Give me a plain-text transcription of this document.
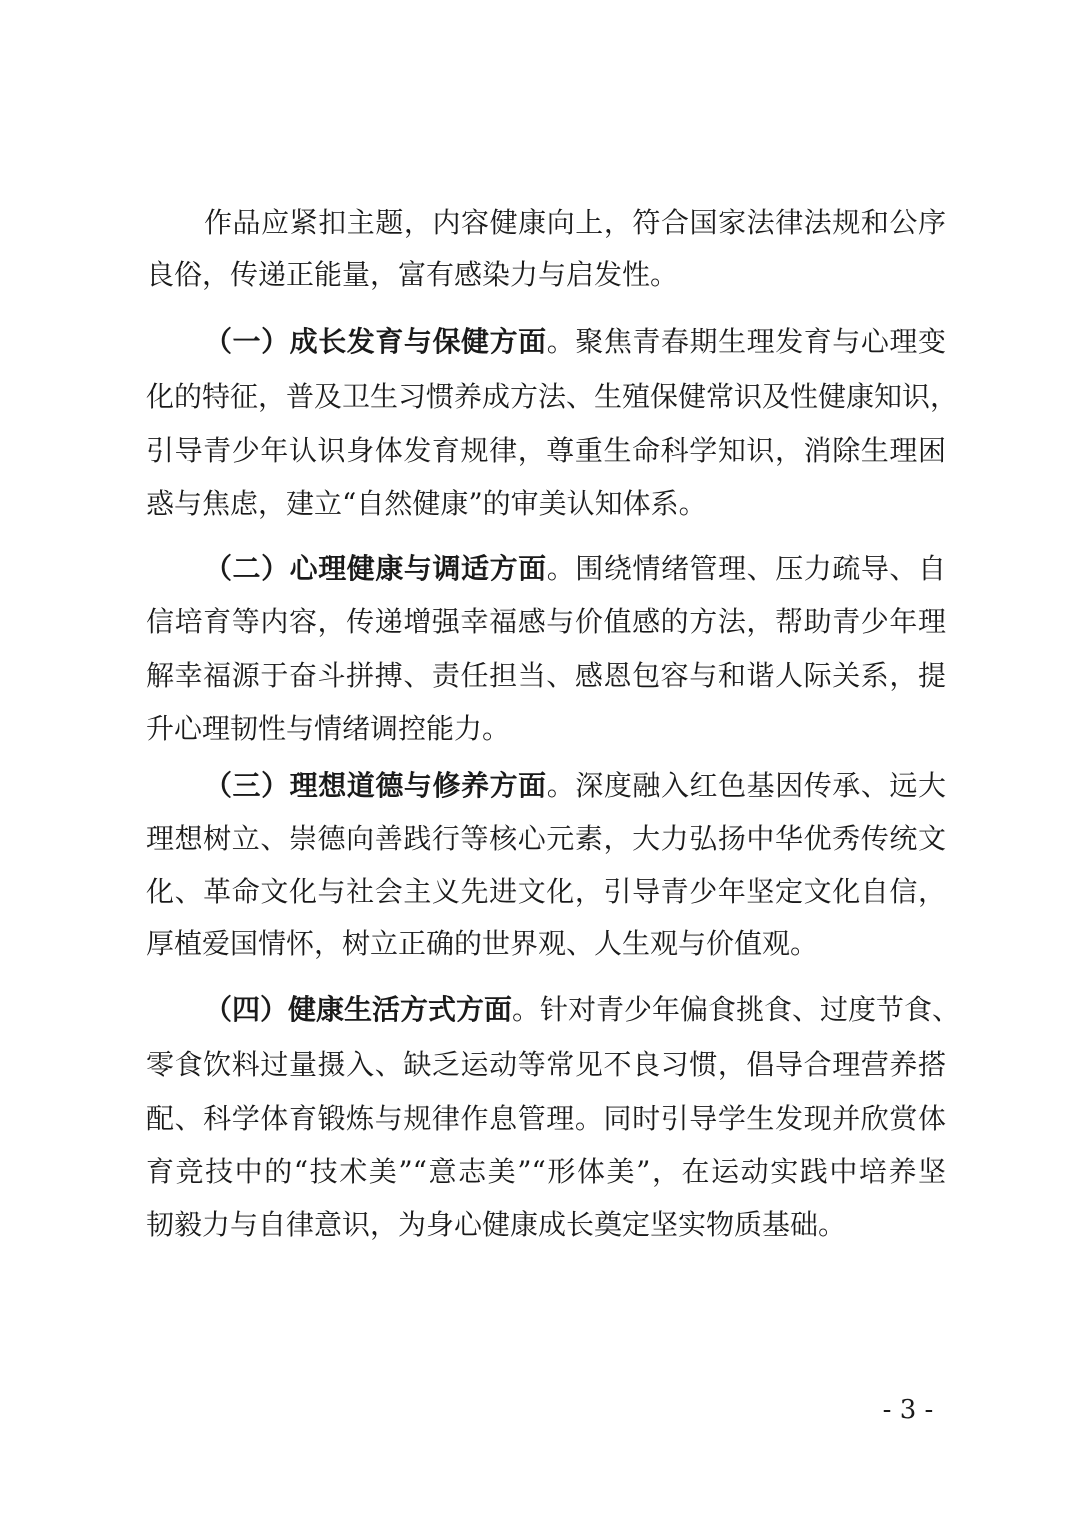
作品应紧扣主题，内容健康向上，符合国家法律法规和公序
良俗，传递正能量，富有感染力与启发性。
（一）成长发育与保健方面。聚焦青春期生理发育与心理变
化的特征，普及卫生习惯养成方法、生殖保健常识及性健康知识，
引导青少年认识身体发育规律，尊重生命科学知识，消除生理困
惑与焦虑，建立“自然健康”的审美认知体系。
（二）心理健康与调适方面。围绕情绪管理、压力疏导、自
信培育等内容，传递增强幸福感与价值感的方法，帮助青少年理
解幸福源于奋斗拼搏、责任担当、感恩包容与和谐人际关系，提
升心理韧性与情绪调控能力。
（三）理想道德与修养方面。深度融入红色基因传承、远大
理想树立、崇德向善践行等核心元素，大力弘扬中华优秀传统文
化、革命文化与社会主义先进文化，引导青少年坚定文化自信，
厚植爱国情怀，树立正确的世界观、人生观与价值观。
（四）健康生活方式方面。针对青少年偏食挑食、过度节食、
零食饮料过量摄入、缺乏运动等常见不良习惯，倡导合理营养搭
配、科学体育锻炼与规律作息管理。同时引导学生发现并欣赏体
育竞技中的“技术美”“意志美”“形体美”，在运动实践中培养坚
韧毅力与自律意识，为身心健康成长奠定坚实物质基础。
- 3 -
